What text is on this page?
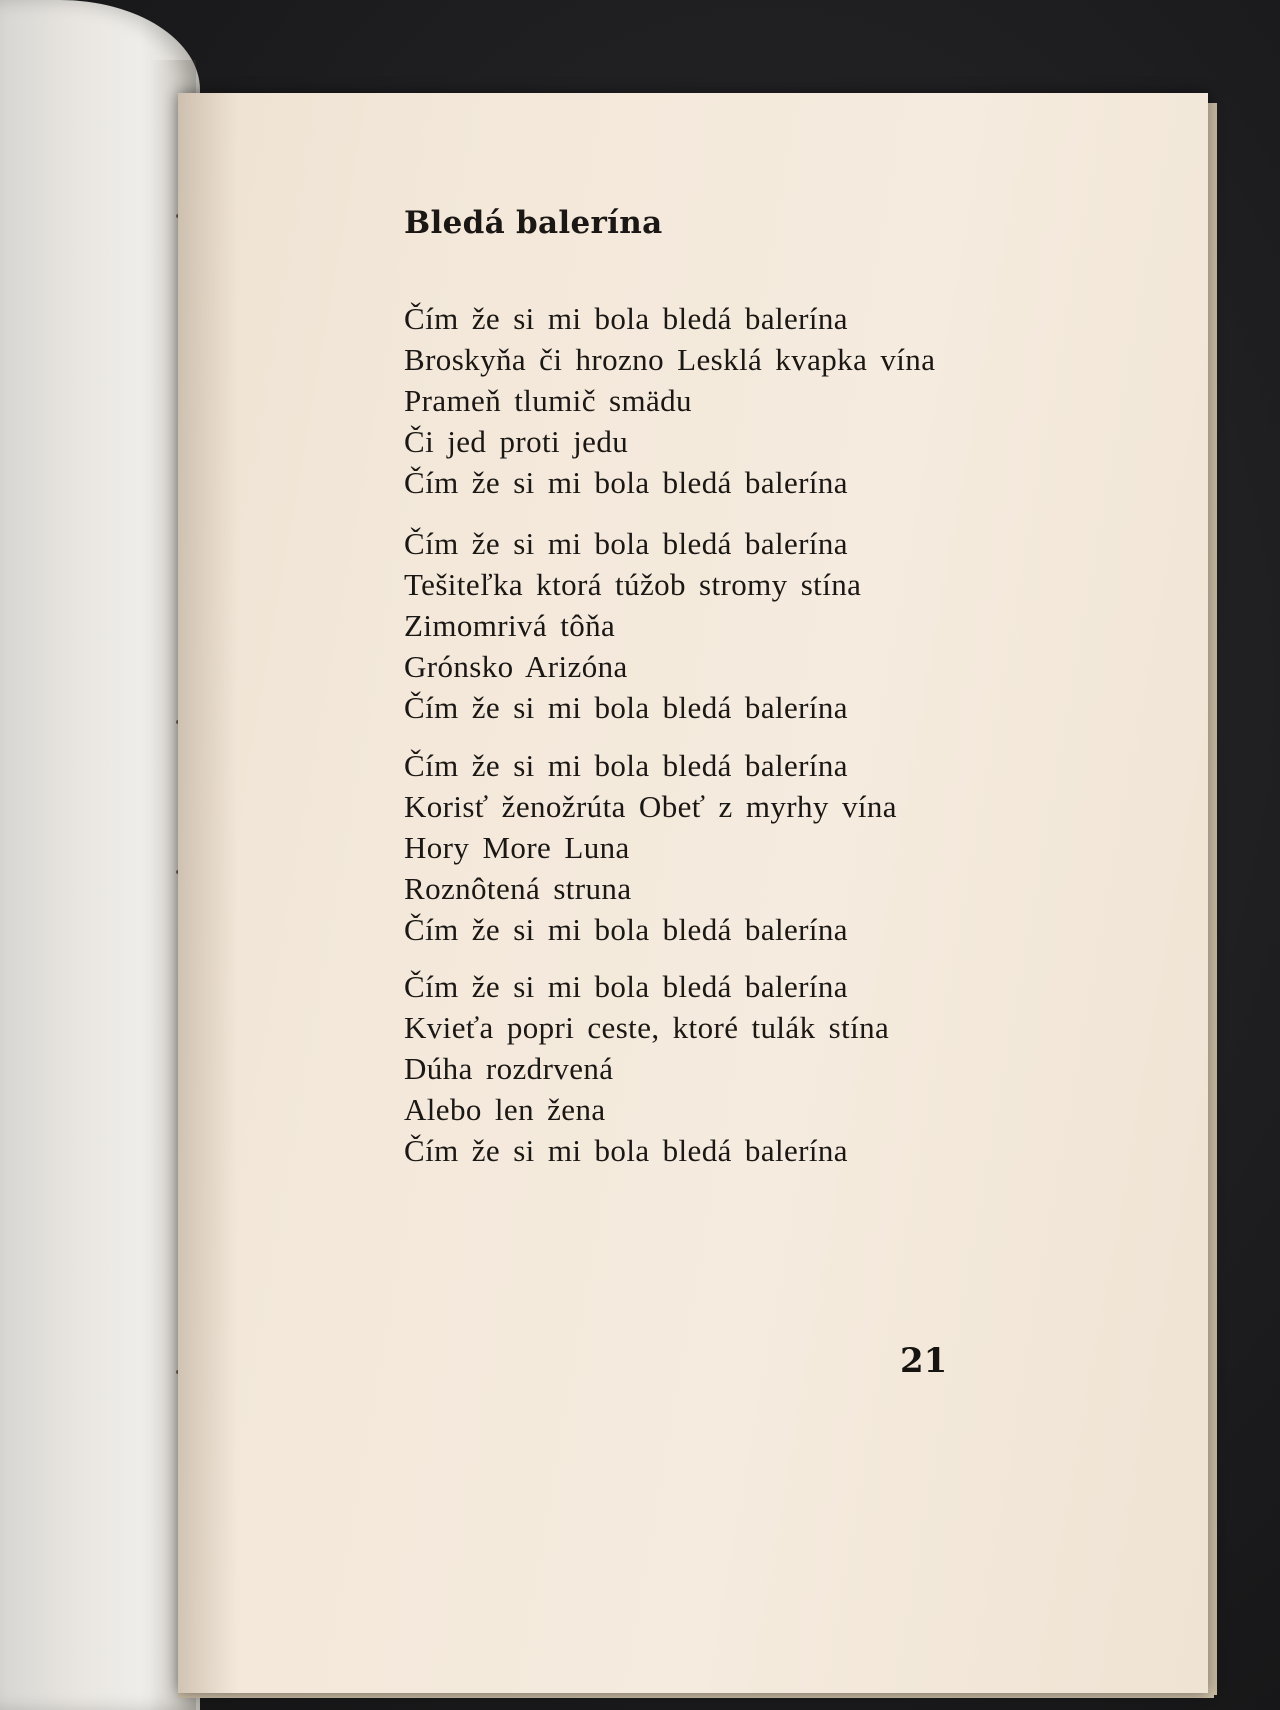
Bledá balerína
Čím že si mi bola bledá balerína
Broskyňa či hrozno Lesklá kvapka vína
Prameň tlumič smädu
Či jed proti jedu
Čím že si mi bola bledá balerína
Čím že si mi bola bledá balerína
Tešiteľka ktorá túžob stromy stína
Zimomrivá tôňa
Grónsko Arizóna
Čím že si mi bola bledá balerína
Čím že si mi bola bledá balerína
Korisť ženožrúta Obeť z myrhy vína
Hory More Luna
Roznôtená struna
Čím že si mi bola bledá balerína
Čím že si mi bola bledá balerína
Kvieťa popri ceste, ktoré tulák stína
Dúha rozdrvená
Alebo len žena
Čím že si mi bola bledá balerína
21
